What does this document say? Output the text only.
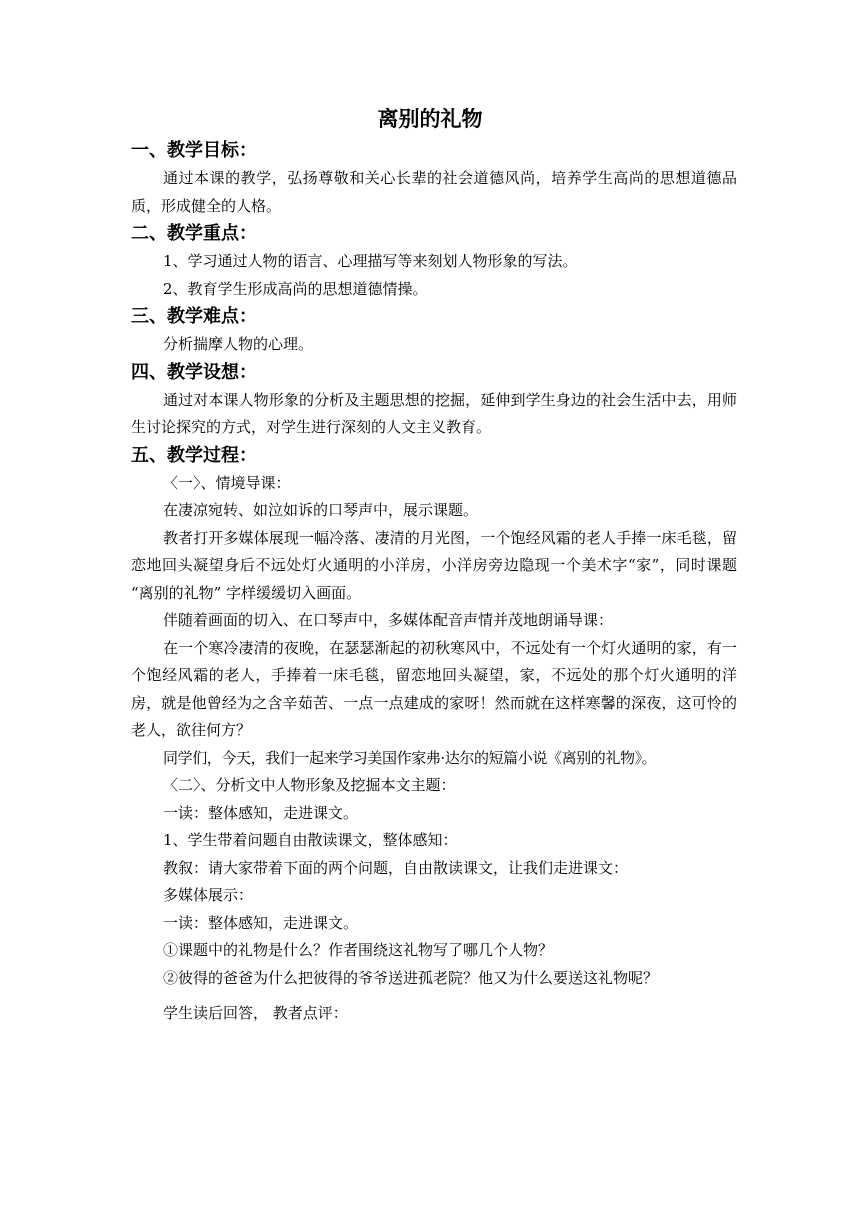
离别的礼物
一、教学目标：

通过本课的教学，弘扬尊敬和关心长辈的社会道德风尚，培养学生高尚的思想道德品质，形成健全的人格。

二、教学重点：

1、学习通过人物的语言、心理描写等来刻划人物形象的写法。

2、教育学生形成高尚的思想道德情操。

三、教学难点：

分析揣摩人物的心理。

四、教学设想：

通过对本课人物形象的分析及主题思想的挖掘，延伸到学生身边的社会生活中去，用师生讨论探究的方式，对学生进行深刻的人文主义教育。

五、教学过程：

〈一〉、情境导课：

在凄凉宛转、如泣如诉的口琴声中，展示课题。

教者打开多媒体展现一幅冷落、凄清的月光图，一个饱经风霜的老人手捧一床毛毯，留恋地回头凝望身后不远处灯火通明的小洋房，小洋房旁边隐现一个美术字“家”，同时课题 “离别的礼物” 字样缓缓切入画面。

伴随着画面的切入、在口琴声中，多媒体配音声情并茂地朗诵导课：

在一个寒冷凄清的夜晚，在瑟瑟渐起的初秋寒风中，不远处有一个灯火通明的家，有一个饱经风霜的老人，手捧着一床毛毯，留恋地回头凝望，家，不远处的那个灯火通明的洋房，就是他曾经为之含辛茹苦、一点一点建成的家呀！然而就在这样寒馨的深夜，这可怜的老人，欲往何方？

同学们，今天，我们一起来学习美国作家弗·达尔的短篇小说《离别的礼物》。

〈二〉、分析文中人物形象及挖掘本文主题：

一读：整体感知，走进课文。

1、学生带着问题自由散读课文，整体感知：

教叙：请大家带着下面的两个问题，自由散读课文，让我们走进课文：

多媒体展示：

一读：整体感知，走进课文。

①课题中的礼物是什么？作者围绕这礼物写了哪几个人物？

②彼得的爸爸为什么把彼得的爷爷送进孤老院？他又为什么要送这礼物呢？

学生读后回答， 教者点评：
